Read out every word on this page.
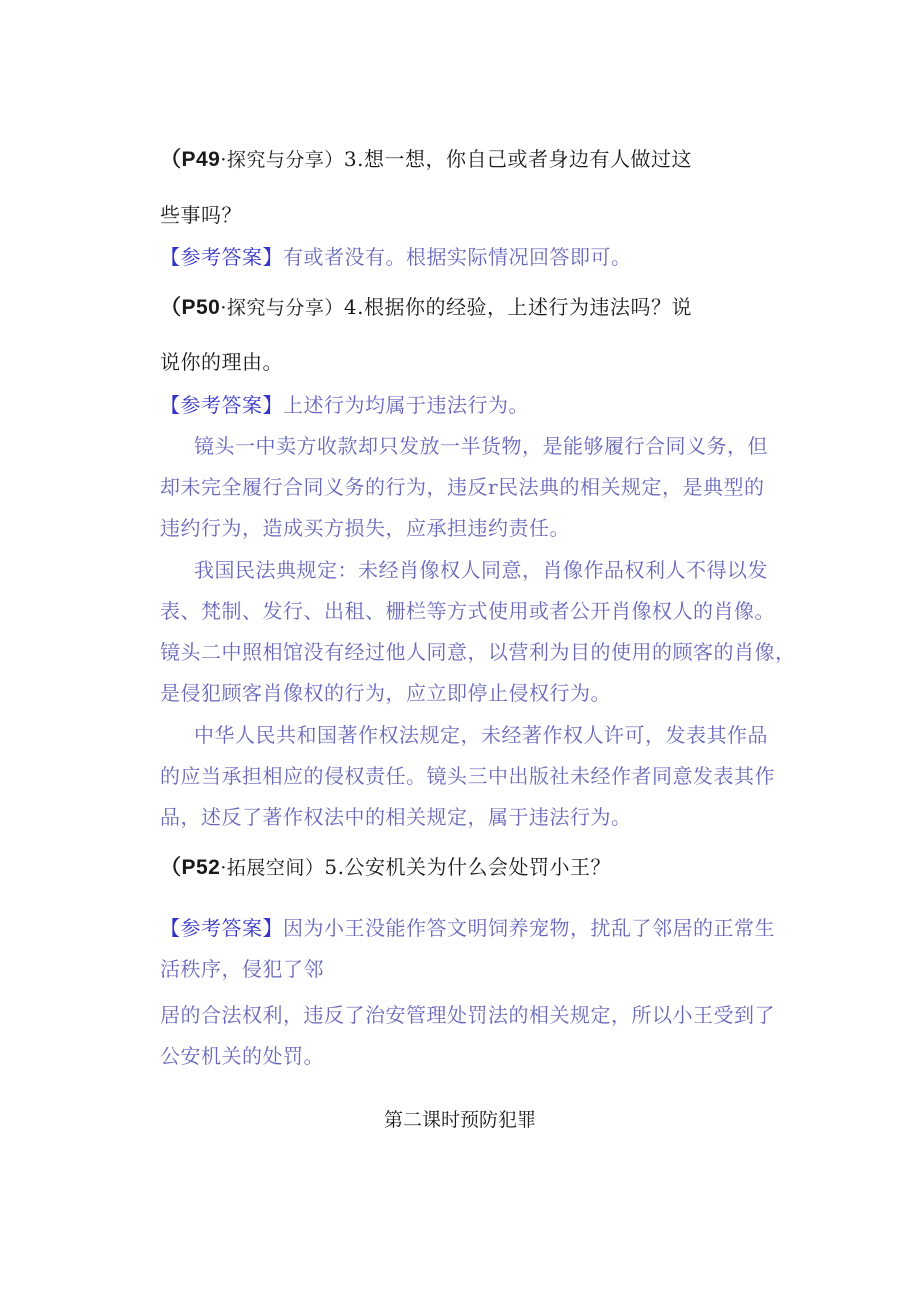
（P49·探究与分享）3.想一想，你自己或者身边有人做过这
些事吗？
【参考答案】有或者没有。根据实际情况回答即可。
（P50·探究与分享）4.根据你的经验，上述行为违法吗？说
说你的理由。
【参考答案】上述行为均属于违法行为。
镜头一中卖方收款却只发放一半货物，是能够履行合同义务，但
却未完全履行合同义务的行为，违反r民法典的相关规定，是典型的
违约行为，造成买方损失，应承担违约责任。
我国民法典规定：未经肖像权人同意，肖像作品权利人不得以发
表、梵制、发行、出租、栅栏等方式使用或者公开肖像权人的肖像。
镜头二中照相馆没有经过他人同意，以营利为目的使用的顾客的肖像，
是侵犯顾客肖像权的行为，应立即停止侵权行为。
中华人民共和国著作权法规定，未经著作权人许可，发表其作品
的应当承担相应的侵权责任。镜头三中出版社未经作者同意发表其作
品，述反了著作权法中的相关规定，属于违法行为。
（P52·拓展空间）5.公安机关为什么会处罚小王？
【参考答案】因为小王没能作答文明饲养宠物，扰乱了邻居的正常生
活秩序，侵犯了邻
居的合法权利，违反了治安管理处罚法的相关规定，所以小王受到了
公安机关的处罚。
第二课时预防犯罪
